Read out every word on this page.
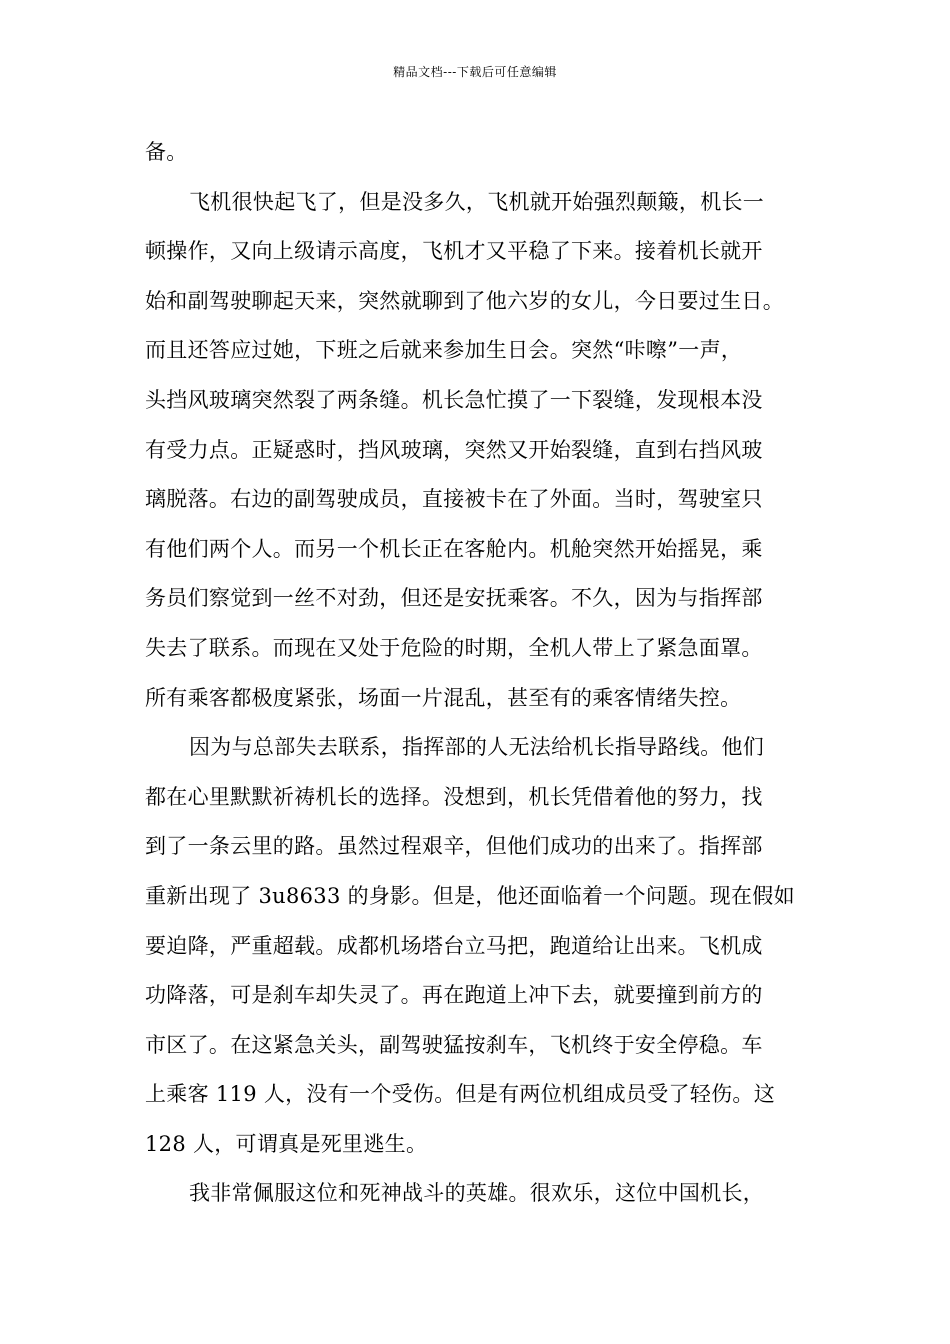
精品文档---下载后可任意编辑
备。
飞机很快起飞了，但是没多久，飞机就开始强烈颠簸，机长一
顿操作，又向上级请示高度，飞机才又平稳了下来。接着机长就开
始和副驾驶聊起天来，突然就聊到了他六岁的女儿，今日要过生日。
而且还答应过她，下班之后就来参加生日会。突然“咔嚓”一声，
头挡风玻璃突然裂了两条缝。机长急忙摸了一下裂缝，发现根本没
有受力点。正疑惑时，挡风玻璃，突然又开始裂缝，直到右挡风玻
璃脱落。右边的副驾驶成员，直接被卡在了外面。当时，驾驶室只
有他们两个人。而另一个机长正在客舱内。机舱突然开始摇晃，乘
务员们察觉到一丝不对劲，但还是安抚乘客。不久，因为与指挥部
失去了联系。而现在又处于危险的时期，全机人带上了紧急面罩。
所有乘客都极度紧张，场面一片混乱，甚至有的乘客情绪失控。
因为与总部失去联系，指挥部的人无法给机长指导路线。他们
都在心里默默祈祷机长的选择。没想到，机长凭借着他的努力，找
到了一条云里的路。虽然过程艰辛，但他们成功的出来了。指挥部
重新出现了 3u8633 的身影。但是，他还面临着一个问题。现在假如
要迫降，严重超载。成都机场塔台立马把，跑道给让出来。飞机成
功降落，可是刹车却失灵了。再在跑道上冲下去，就要撞到前方的
市区了。在这紧急关头，副驾驶猛按刹车，飞机终于安全停稳。车
上乘客 119 人，没有一个受伤。但是有两位机组成员受了轻伤。这
128 人，可谓真是死里逃生。
我非常佩服这位和死神战斗的英雄。很欢乐，这位中国机长，
